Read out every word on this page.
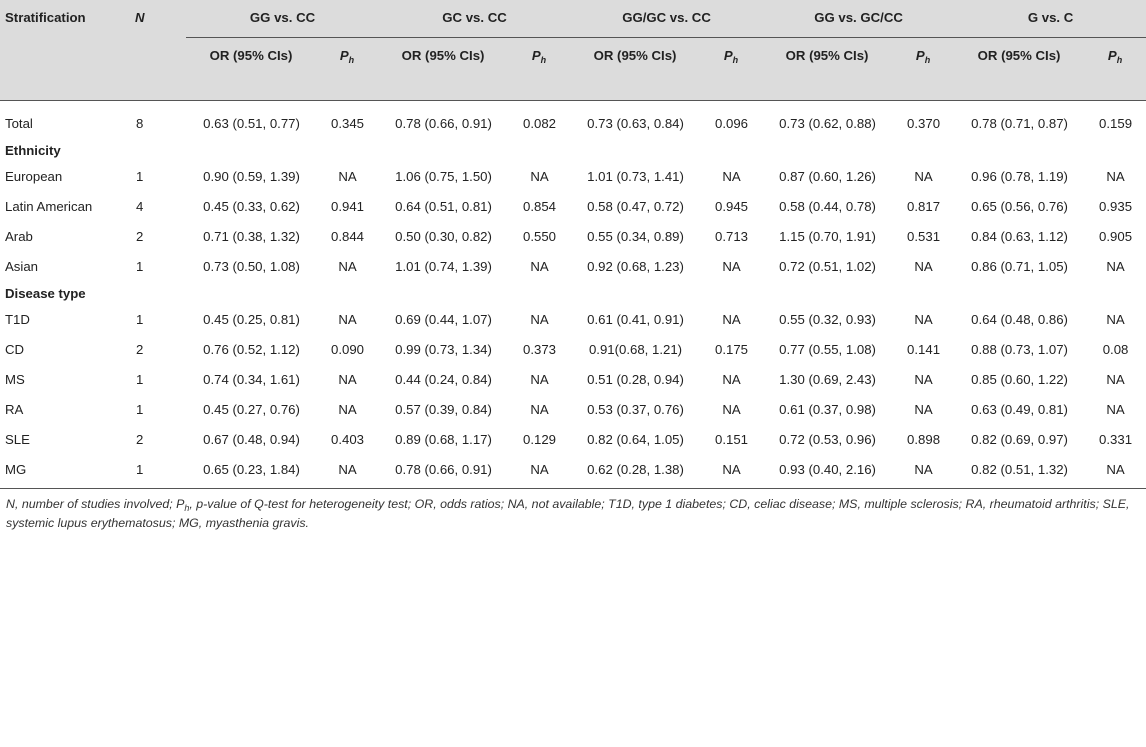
Stratification	N	GG vs. CC		GC vs. CC		GG/GC vs. CC		GG vs. GC/CC		G vs. C	
		OR (95% CIs)	$P_h$	OR (95% CIs)	$P_h$	OR (95% CIs)	$P_h$	OR (95% CIs)	$P_h$	OR (95% CIs)	$P_h$
Total	8	0.63 (0.51, 0.77)	0.345	0.78 (0.66, 0.91)	0.082	0.73 (0.63, 0.84)	0.096	0.73 (0.62, 0.88)	0.370	0.78 (0.71, 0.87)	0.159
Ethnicity											
European	1	0.90 (0.59, 1.39)	NA	1.06 (0.75, 1.50)	NA	1.01 (0.73, 1.41)	NA	0.87 (0.60, 1.26)	NA	0.96 (0.78, 1.19)	NA
Latin American	4	0.45 (0.33, 0.62)	0.941	0.64 (0.51, 0.81)	0.854	0.58 (0.47, 0.72)	0.945	0.58 (0.44, 0.78)	0.817	0.65 (0.56, 0.76)	0.935
Arab	2	0.71 (0.38, 1.32)	0.844	0.50 (0.30, 0.82)	0.550	0.55 (0.34, 0.89)	0.713	1.15 (0.70, 1.91)	0.531	0.84 (0.63, 1.12)	0.905
Asian	1	0.73 (0.50, 1.08)	NA	1.01 (0.74, 1.39)	NA	0.92 (0.68, 1.23)	NA	0.72 (0.51, 1.02)	NA	0.86 (0.71, 1.05)	NA
Disease type											
T1D	1	0.45 (0.25, 0.81)	NA	0.69 (0.44, 1.07)	NA	0.61 (0.41, 0.91)	NA	0.55 (0.32, 0.93)	NA	0.64 (0.48, 0.86)	NA
CD	2	0.76 (0.52, 1.12)	0.090	0.99 (0.73, 1.34)	0.373	0.91(0.68, 1.21)	0.175	0.77 (0.55, 1.08)	0.141	0.88 (0.73, 1.07)	0.08
MS	1	0.74 (0.34, 1.61)	NA	0.44 (0.24, 0.84)	NA	0.51 (0.28, 0.94)	NA	1.30 (0.69, 2.43)	NA	0.85 (0.60, 1.22)	NA
RA	1	0.45 (0.27, 0.76)	NA	0.57 (0.39, 0.84)	NA	0.53 (0.37, 0.76)	NA	0.61 (0.37, 0.98)	NA	0.63 (0.49, 0.81)	NA
SLE	2	0.67 (0.48, 0.94)	0.403	0.89 (0.68, 1.17)	0.129	0.82 (0.64, 1.05)	0.151	0.72 (0.53, 0.96)	0.898	0.82 (0.69, 0.97)	0.331
MG	1	0.65 (0.23, 1.84)	NA	0.78 (0.66, 0.91)	NA	0.62 (0.28, 1.38)	NA	0.93 (0.40, 2.16)	NA	0.82 (0.51, 1.32)	NA
N, number of studies involved; $P_h$, p-value of Q-test for heterogeneity test; OR, odds ratios; NA, not available; T1D, type 1 diabetes; CD, celiac disease; MS, multiple sclerosis; RA, rheumatoid arthritis; SLE, systemic lupus erythematosus; MG, myasthenia gravis.
